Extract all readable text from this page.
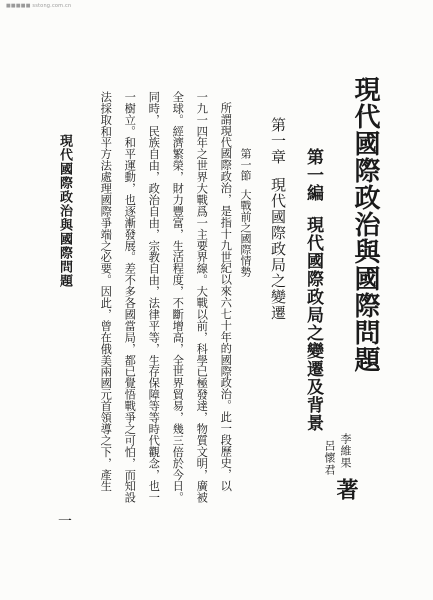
■■■■■ sstong.com.cn
現代國際政治與國際問題
李維果
呂懷君
著
第一編現代國際政局之變遷及背景
第一章現代國際政局之變遷
第一節大戰前之國際情勢
所謂現代國際政治，是指十九世紀以來六七十年的國際政治。此一段歷史，以
一九一四年之世界大戰爲一主要界線。大戰以前，科學已極發達，物質文明，廣被
全球。經濟繁榮，財力豐富，生活程度，不斷增高，全世界貿易，幾三倍於今日。
同時，民族自由，政治自由，宗教自由，法律平等，生存保障等等時代觀念，也一
一樹立。和平運動，也逐漸發展。差不多各國當局，都已覺悟戰爭之可怕，而知設
法採取和平方法處理國際爭端之必要。因此，曾在俄美兩國元首領導之下，產生
現代國際政治與國際問題
一
